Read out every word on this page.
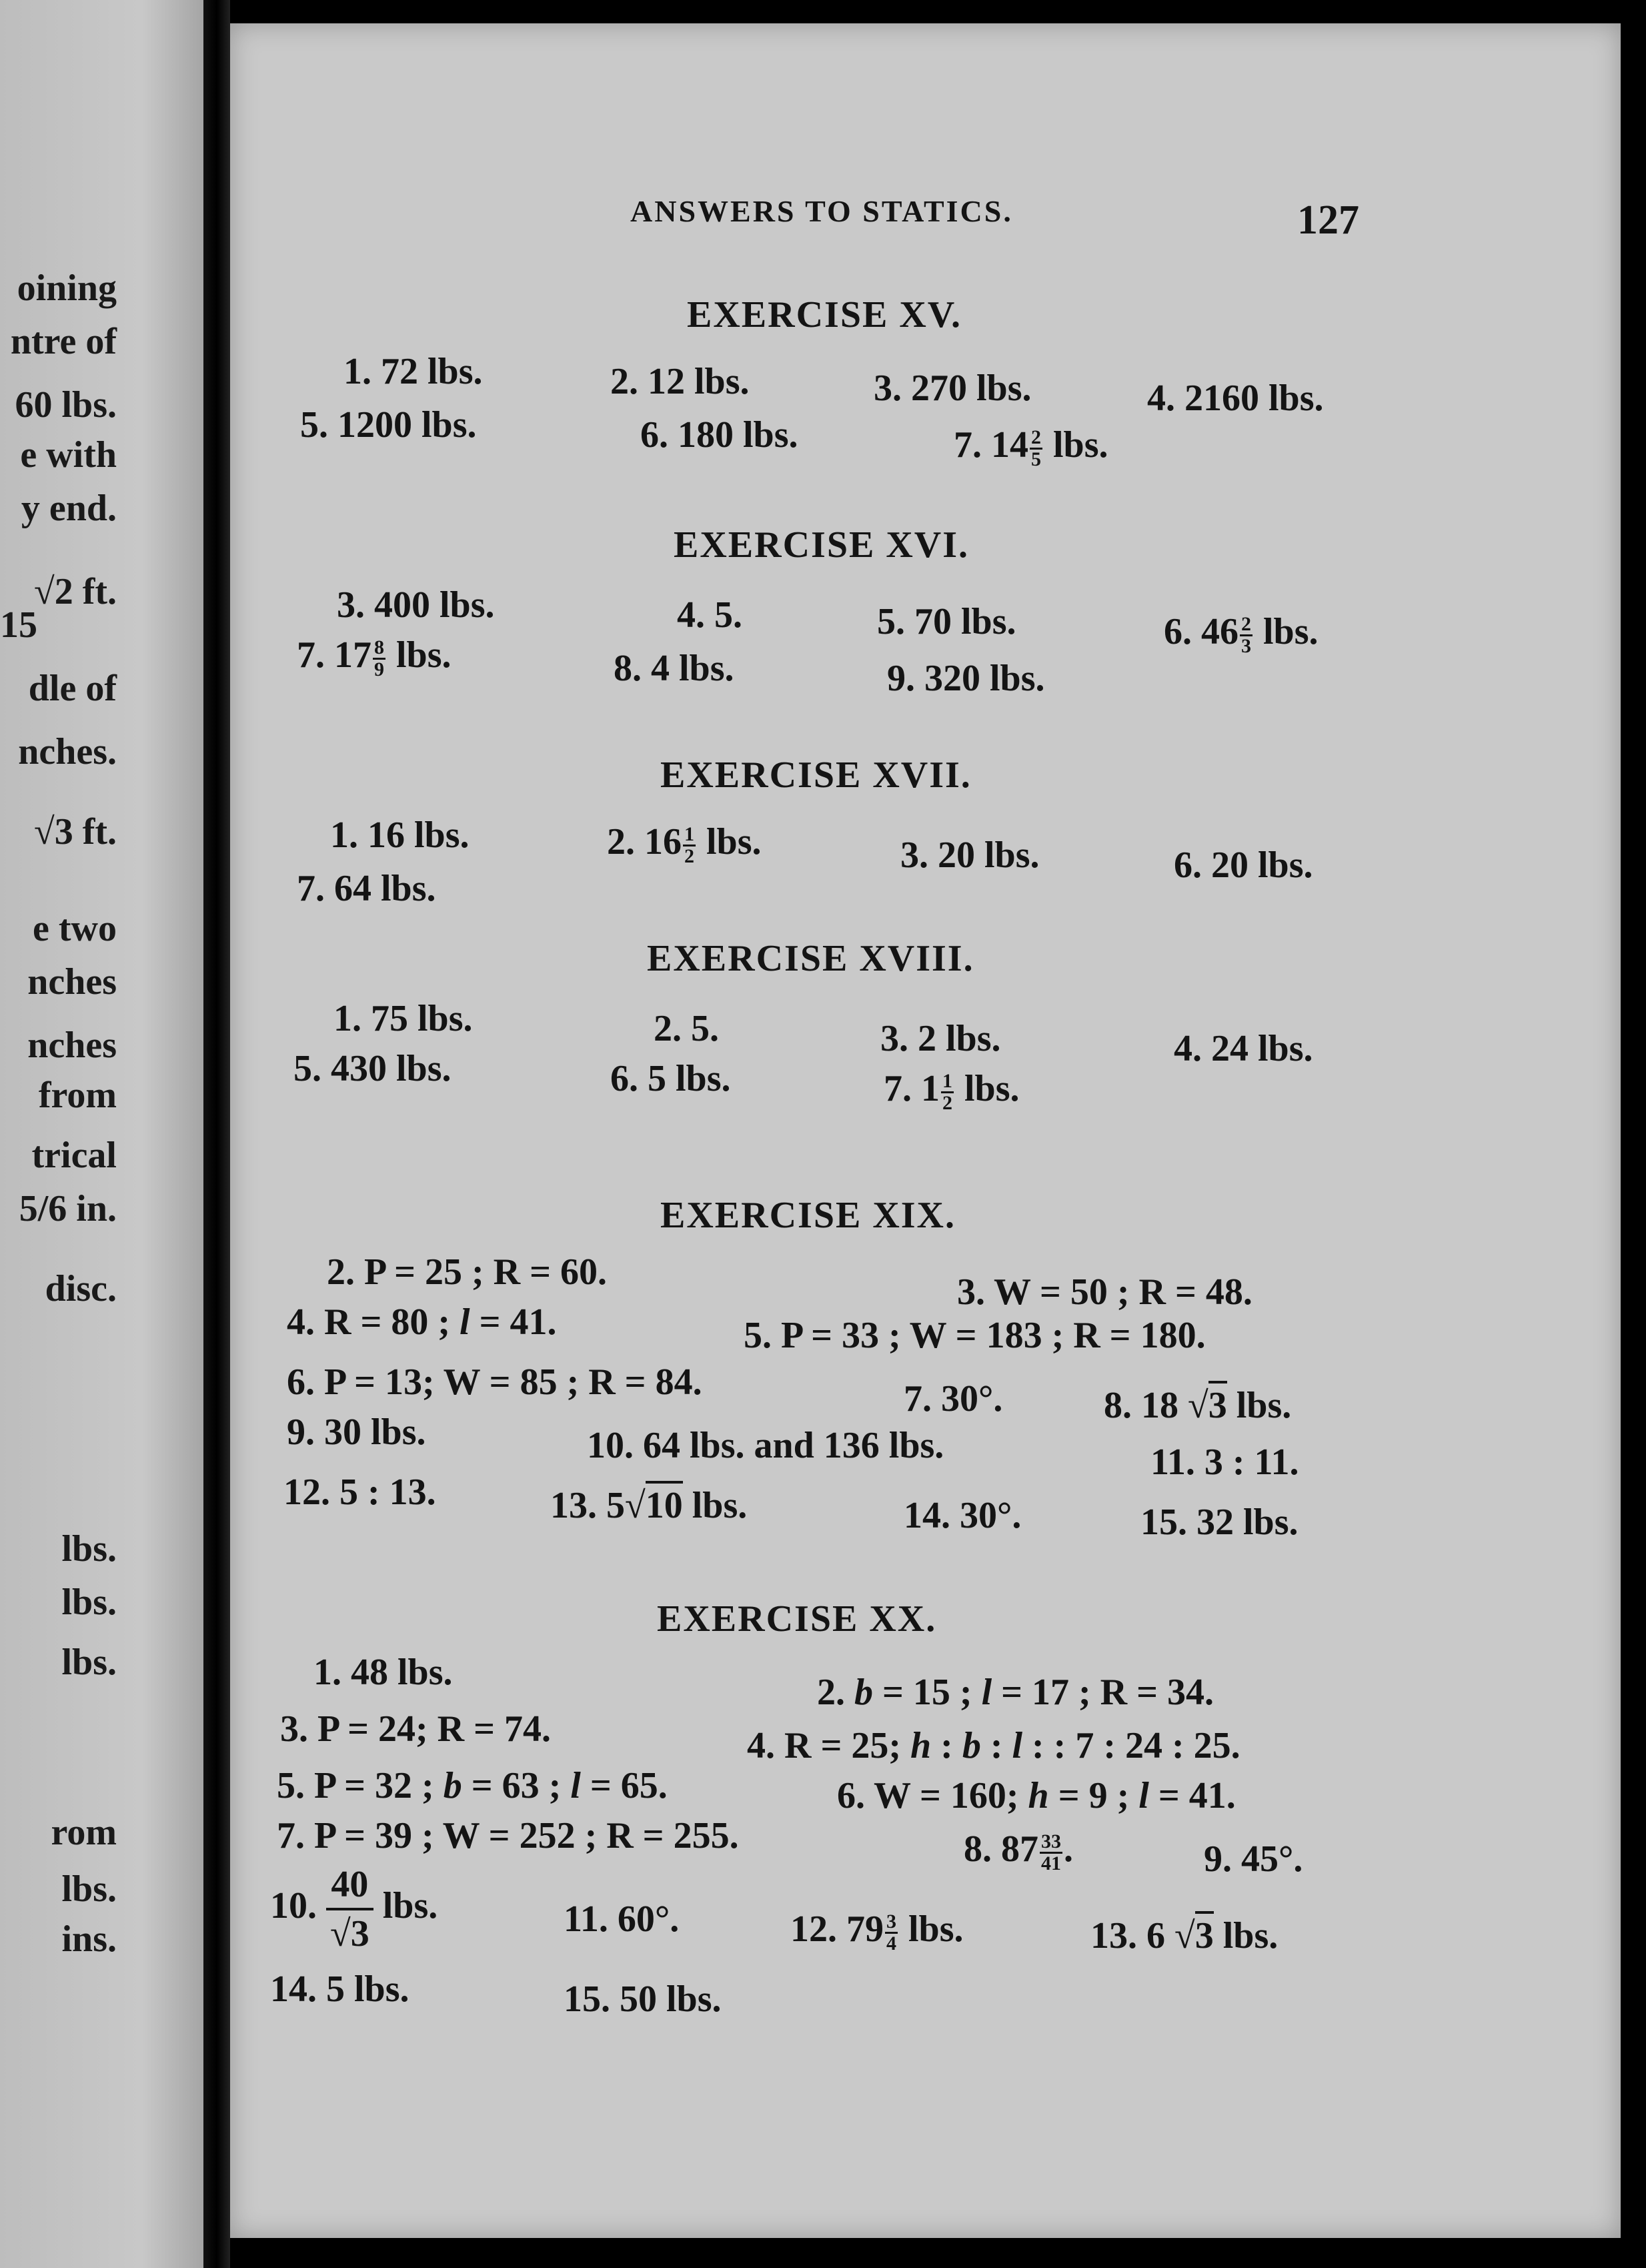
oining
ntre of
60 lbs.
e with
y end.
√2 ft.
15
dle of
nches.
√3 ft.
e two
nches
nches
from
trical
5/6 in.
disc.
lbs.
lbs.
lbs.
rom
lbs.
ins.
ANSWERS TO STATICS.	127
EXERCISE XV.
1. 72 lbs.	2. 12 lbs.	3. 270 lbs.	4. 2160 lbs.
5. 1200 lbs.	6. 180 lbs.	7. $14 \frac{2}{5}$ lbs.
EXERCISE XVI.
3. 400 lbs.	4. 5.	5. 70 lbs.	6. $46 \frac{2}{3}$ lbs.
7. $17 \frac{8}{9}$ lbs.	8. 4 lbs.	9. 320 lbs.
EXERCISE XVII.
1. 16 lbs.	2. $16 \frac{1}{2}$ lbs.	3. 20 lbs.	6. 20 lbs.
7. 64 lbs.
EXERCISE XVIII.
1. 75 lbs.	2. 5.	3. 2 lbs.	4. 24 lbs.
5. 430 lbs.	6. 5 lbs.	7. $1 \frac{1}{2}$ lbs.
EXERCISE XIX.
2. P = 25 ; R = 60.	3. W = 50 ; R = 48.
4. R = 80 ; l = 41.	5. P = 33 ; W = 183 ; R = 180.
6. P = 13; W = 85 ; R = 84.	7. 30°.	8. 18 √3 lbs.
9. 30 lbs.	10. 64 lbs. and 136 lbs.	11. 3 : 11.
12. 5 : 13.	13. 5√10 lbs.	14. 30°.	15. 32 lbs.
EXERCISE XX.
1. 48 lbs.	2. b = 15 ; l = 17 ; R = 34.
3. P = 24; R = 74.	4. R = 25; h : b : l : : 7 : 24 : 25.
5. P = 32 ; b = 63 ; l = 65.	6. W = 160; h = 9 ; l = 41.
7. P = 39 ; W = 252 ; R = 255.	8. $87 \frac{33}{41}$ .	9. 45°.
10. $\frac{40}{√3}$ lbs.	11. 60°.	12. $79 \frac{3}{4}$ lbs.	13. 6 √3 lbs.
14. 5 lbs.	15. 50 lbs.
